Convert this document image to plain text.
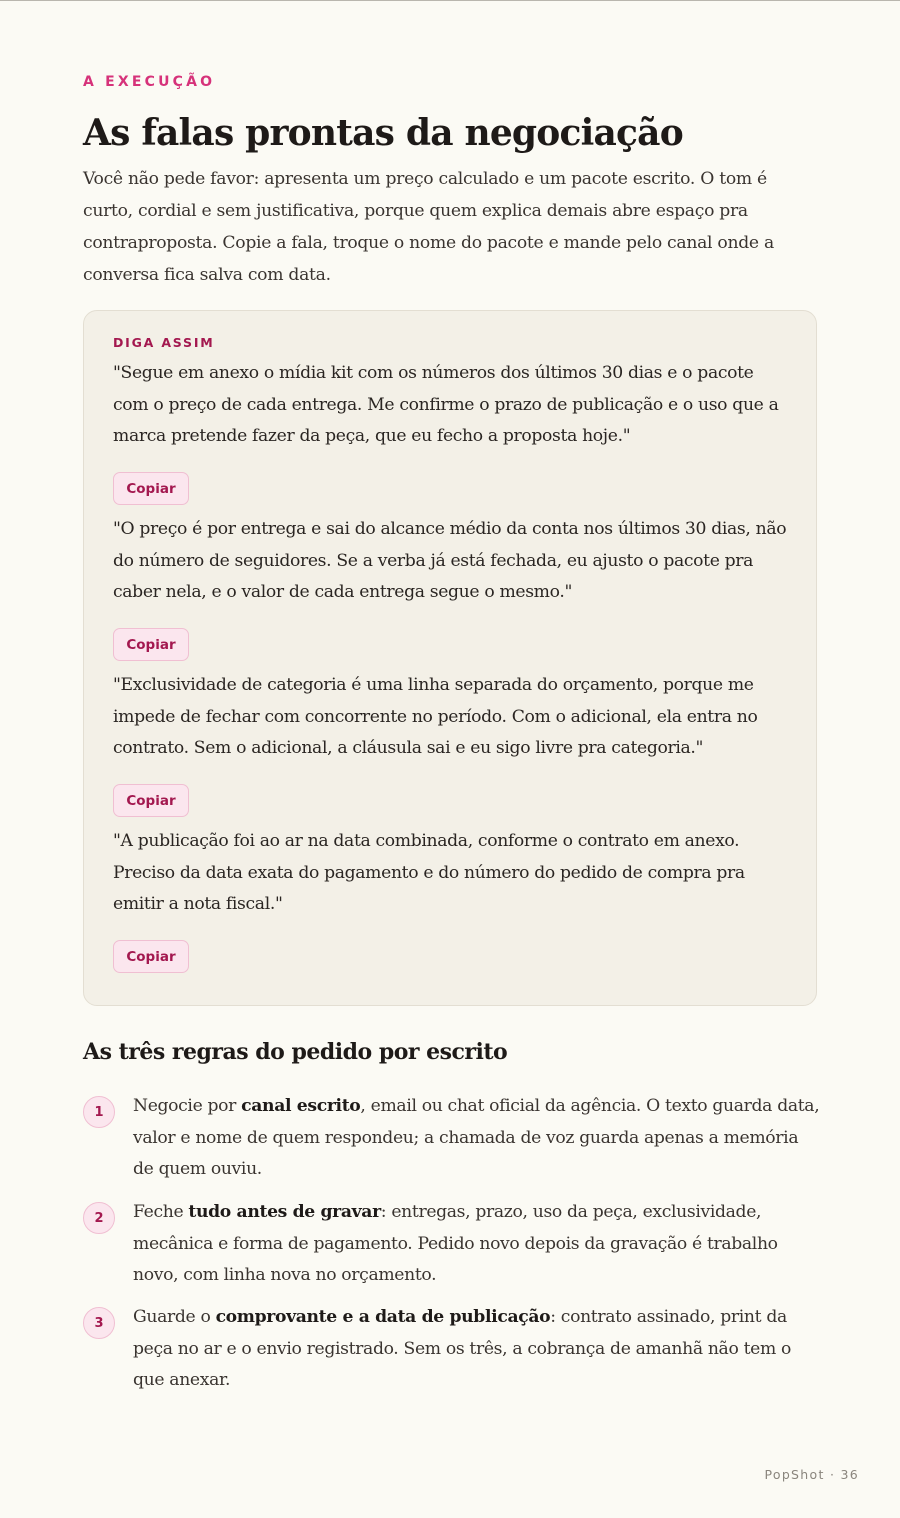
A EXECUÇÃO
As falas prontas da negociação

Você não pede favor: apresenta um preço calculado e um pacote escrito. O tom é curto, cordial e sem justificativa, porque quem explica demais abre espaço pra contraproposta. Copie a fala, troque o nome do pacote e mande pelo canal onde a conversa fica salva com data.

DIGA ASSIM

"Segue em anexo o mídia kit com os números dos últimos 30 dias e o pacote com o preço de cada entrega. Me confirme o prazo de publicação e o uso que a marca pretende fazer da peça, que eu fecho a proposta hoje."

Copiar

"O preço é por entrega e sai do alcance médio da conta nos últimos 30 dias, não do número de seguidores. Se a verba já está fechada, eu ajusto o pacote pra caber nela, e o valor de cada entrega segue o mesmo."

Copiar

"Exclusividade de categoria é uma linha separada do orçamento, porque me impede de fechar com concorrente no período. Com o adicional, ela entra no contrato. Sem o adicional, a cláusula sai e eu sigo livre pra categoria."

Copiar

"A publicação foi ao ar na data combinada, conforme o contrato em anexo. Preciso da data exata do pagamento e do número do pedido de compra pra emitir a nota fiscal."

Copiar
As três regras do pedido por escrito
1	Negocie por canal escrito, email ou chat oficial da agência. O texto guarda data, valor e nome de quem respondeu; a chamada de voz guarda apenas a memória de quem ouviu.

2	Feche tudo antes de gravar: entregas, prazo, uso da peça, exclusividade, mecânica e forma de pagamento. Pedido novo depois da gravação é trabalho novo, com linha nova no orçamento.

3	Guarde o comprovante e a data de publicação: contrato assinado, print da peça no ar e o envio registrado. Sem os três, a cobrança de amanhã não tem o que anexar.

PopShot · 36
